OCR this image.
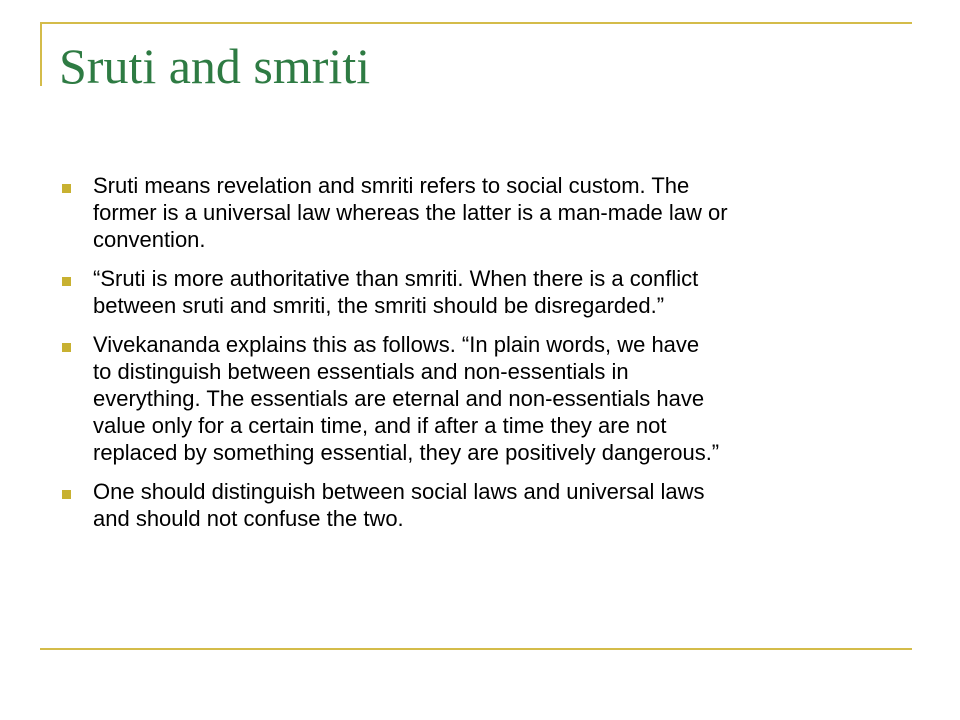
Sruti and smriti
Sruti means revelation and smriti refers to social custom. The
former is a universal law whereas the latter is a man-made law or
convention.
“Sruti is more authoritative than smriti. When there is a conflict
between sruti and smriti, the smriti should be disregarded.”
Vivekananda explains this as follows. “In plain words, we have
to distinguish between essentials and non-essentials in
everything. The essentials are eternal and non-essentials have
value only for a certain time, and if after a time they are not
replaced by something essential, they are positively dangerous.”
One should distinguish between social laws and universal laws
and should not confuse the two.
